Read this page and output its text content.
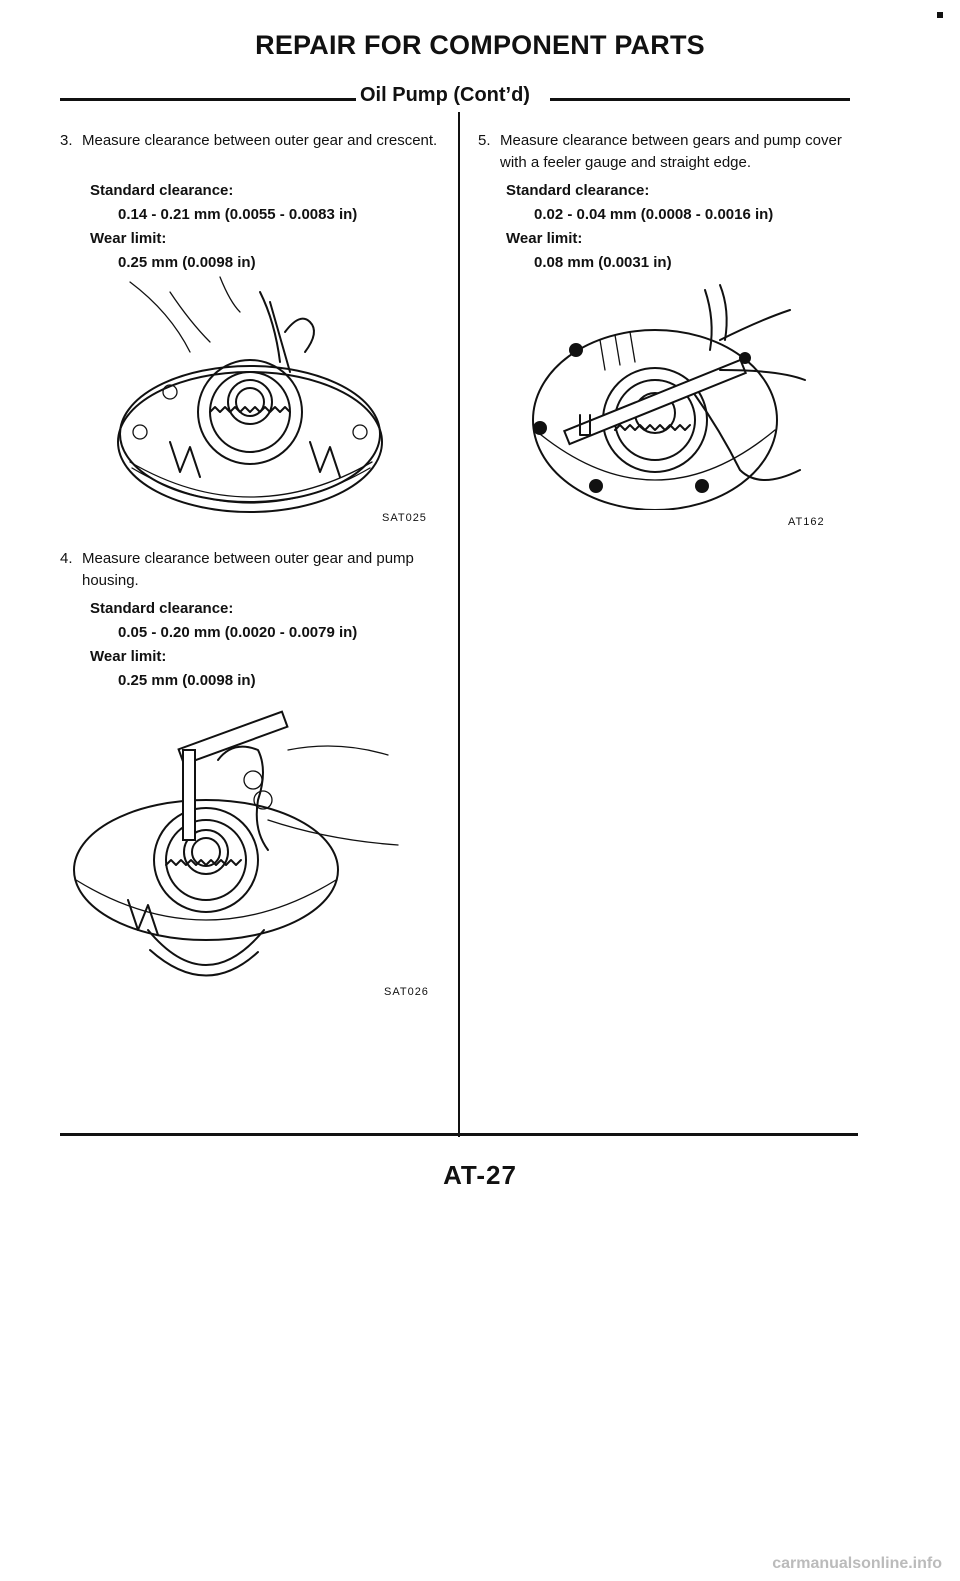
REPAIR FOR COMPONENT PARTS
Oil Pump (Cont’d)
3. Measure clearance between outer gear and crescent.
Standard clearance:
0.14 - 0.21 mm (0.0055 - 0.0083 in)
Wear limit:
0.25 mm (0.0098 in)
SAT025
4. Measure clearance between outer gear and pump housing.
Standard clearance:
0.05 - 0.20 mm (0.0020 - 0.0079 in)
Wear limit:
0.25 mm (0.0098 in)
SAT026
5. Measure clearance between gears and pump cover with a feeler gauge and straight edge.
Standard clearance:
0.02 - 0.04 mm (0.0008 - 0.0016 in)
Wear limit:
0.08 mm (0.0031 in)
AT162
AT-27
carmanualsonline.info
